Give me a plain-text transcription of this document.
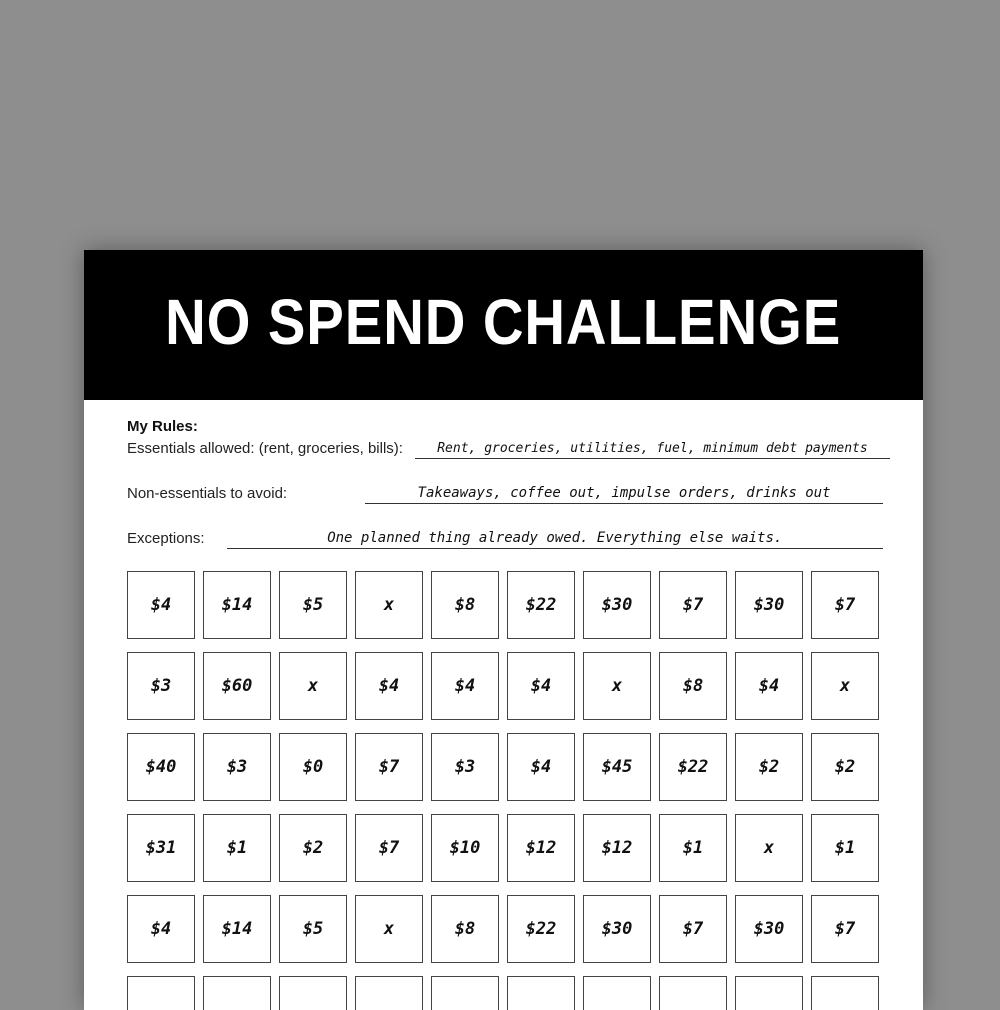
NO SPEND CHALLENGE
My Rules:
Essentials allowed: (rent, groceries, bills):	Rent, groceries, utilities, fuel, minimum debt payments
Non-essentials to avoid:	Takeaways, coffee out, impulse orders, drinks out
Exceptions:	One planned thing already owed. Everything else waits.
$4	$14	$5	x	$8	$22	$30	$7	$30	$7
$3	$60	x	$4	$4	$4	x	$8	$4	x
$40	$3	$0	$7	$3	$4	$45	$22	$2	$2
$31	$1	$2	$7	$10	$12	$12	$1	x	$1
$4	$14	$5	x	$8	$22	$30	$7	$30	$7
